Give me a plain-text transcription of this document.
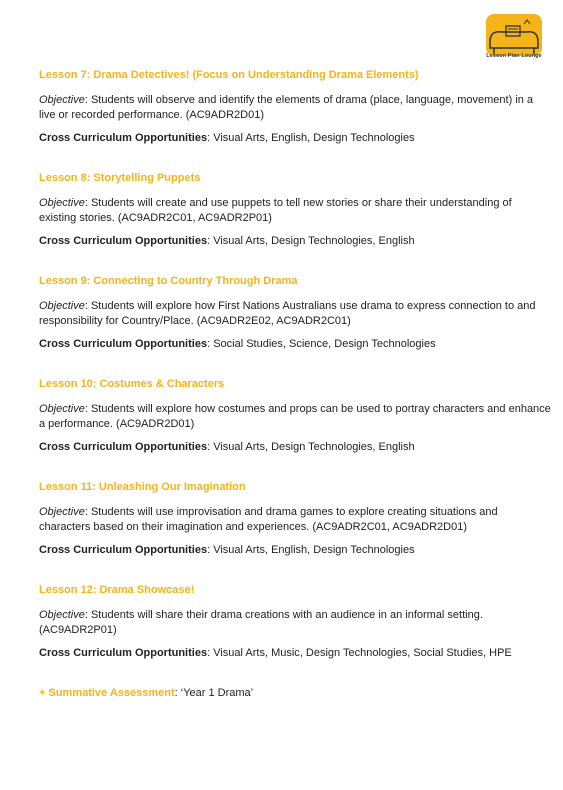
Lesson Plan Lounge
Lesson 7: Drama Detectives! (Focus on Understanding Drama Elements)
Objective: Students will observe and identify the elements of drama (place, language, movement) in a live or recorded performance. (AC9ADR2D01)
Cross Curriculum Opportunities: Visual Arts, English, Design Technologies
Lesson 8: Storytelling Puppets
Objective: Students will create and use puppets to tell new stories or share their understanding of existing stories. (AC9ADR2C01, AC9ADR2P01)
Cross Curriculum Opportunities: Visual Arts, Design Technologies, English
Lesson 9: Connecting to Country Through Drama
Objective: Students will explore how First Nations Australians use drama to express connection to and responsibility for Country/Place. (AC9ADR2E02, AC9ADR2C01)
Cross Curriculum Opportunities: Social Studies, Science, Design Technologies
Lesson 10: Costumes & Characters
Objective: Students will explore how costumes and props can be used to portray characters and enhance a performance. (AC9ADR2D01)
Cross Curriculum Opportunities: Visual Arts, Design Technologies, English
Lesson 11: Unleashing Our Imagination
Objective: Students will use improvisation and drama games to explore creating situations and characters based on their imagination and experiences. (AC9ADR2C01, AC9ADR2D01)
Cross Curriculum Opportunities: Visual Arts, English, Design Technologies
Lesson 12: Drama Showcase!
Objective: Students will share their drama creations with an audience in an informal setting. (AC9ADR2P01)
Cross Curriculum Opportunities: Visual Arts, Music, Design Technologies, Social Studies, HPE
+ Summative Assessment: ‘Year 1 Drama’
